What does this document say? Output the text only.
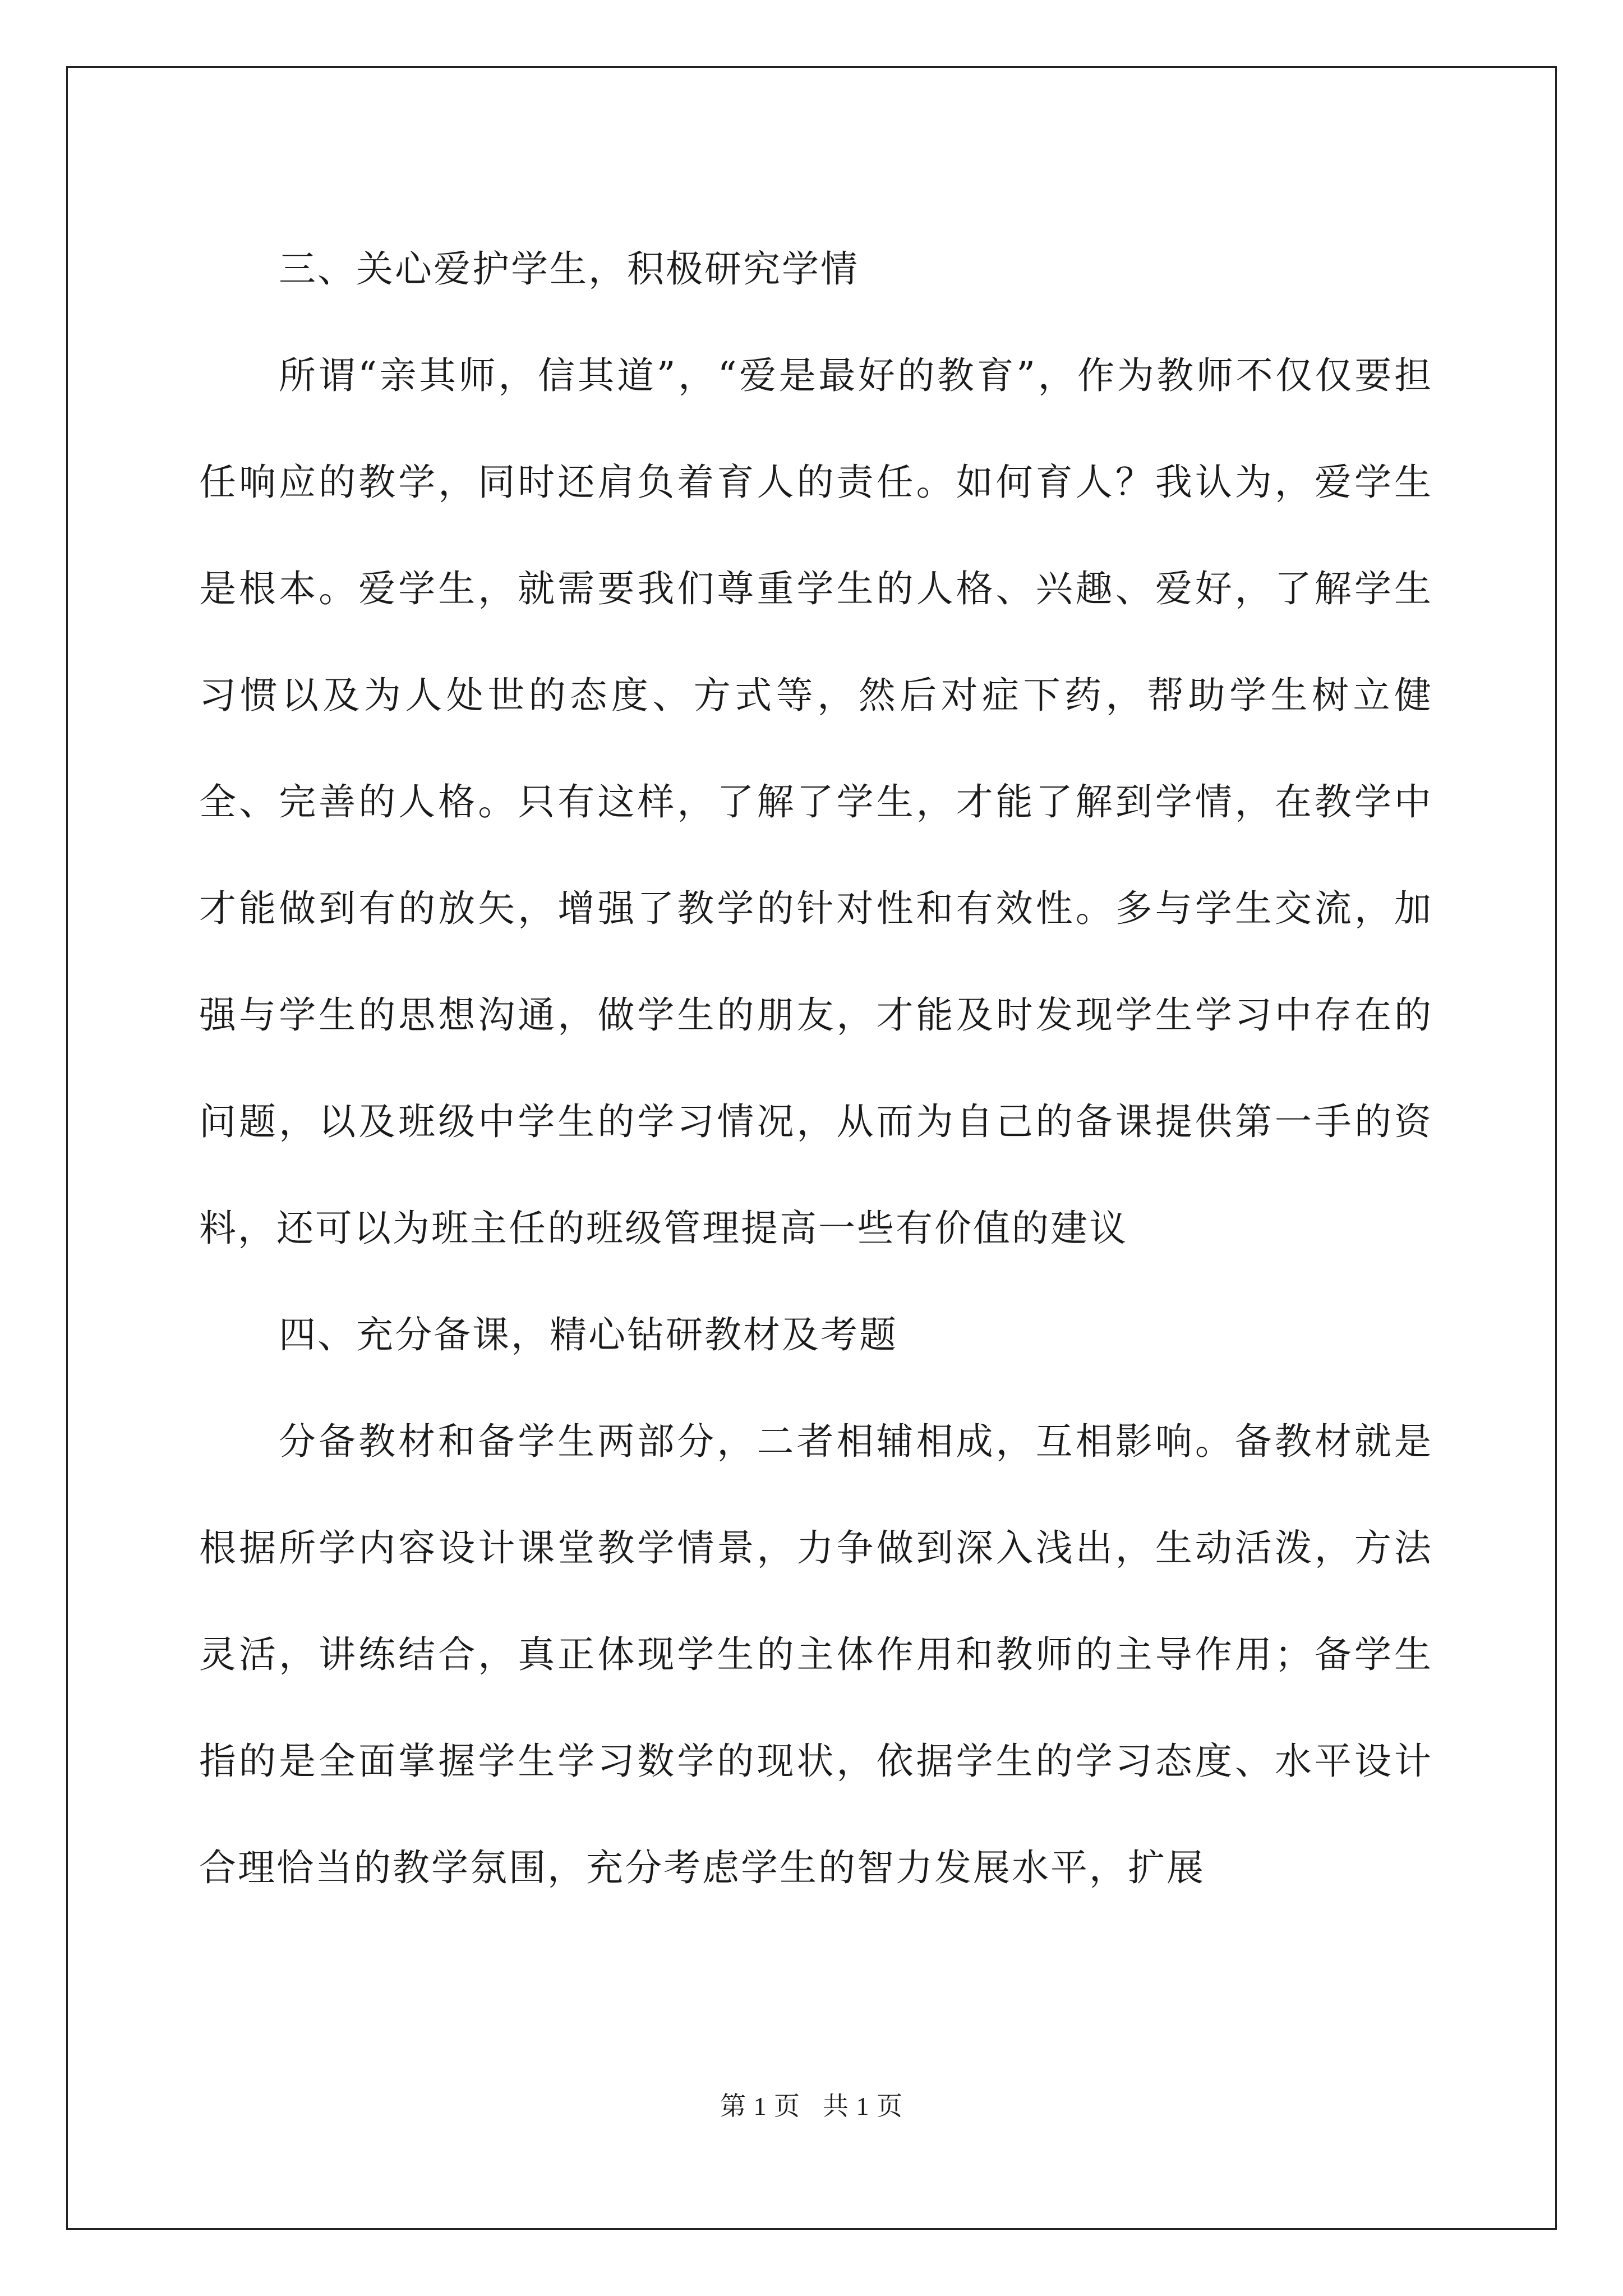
三、关心爱护学生，积极研究学情

所谓“亲其师，信其道”，“爱是最好的教育”，作为教师不仅仅要担任响应的教学，同时还肩负着育人的责任。如何育人？我认为，爱学生是根本。爱学生，就需要我们尊重学生的人格、兴趣、爱好，了解学生习惯以及为人处世的态度、方式等，然后对症下药，帮助学生树立健全、完善的人格。只有这样，了解了学生，才能了解到学情，在教学中才能做到有的放矢，增强了教学的针对性和有效性。多与学生交流，加强与学生的思想沟通，做学生的朋友，才能及时发现学生学习中存在的问题，以及班级中学生的学习情况，从而为自己的备课提供第一手的资料，还可以为班主任的班级管理提高一些有价值的建议

四、充分备课，精心钻研教材及考题

分备教材和备学生两部分，二者相辅相成，互相影响。备教材就是根据所学内容设计课堂教学情景，力争做到深入浅出，生动活泼，方法灵活，讲练结合，真正体现学生的主体作用和教师的主导作用；备学生指的是全面掌握学生学习数学的现状，依据学生的学习态度、水平设计合理恰当的教学氛围，充分考虑学生的智力发展水平，扩展

第 1 页 共 1 页
